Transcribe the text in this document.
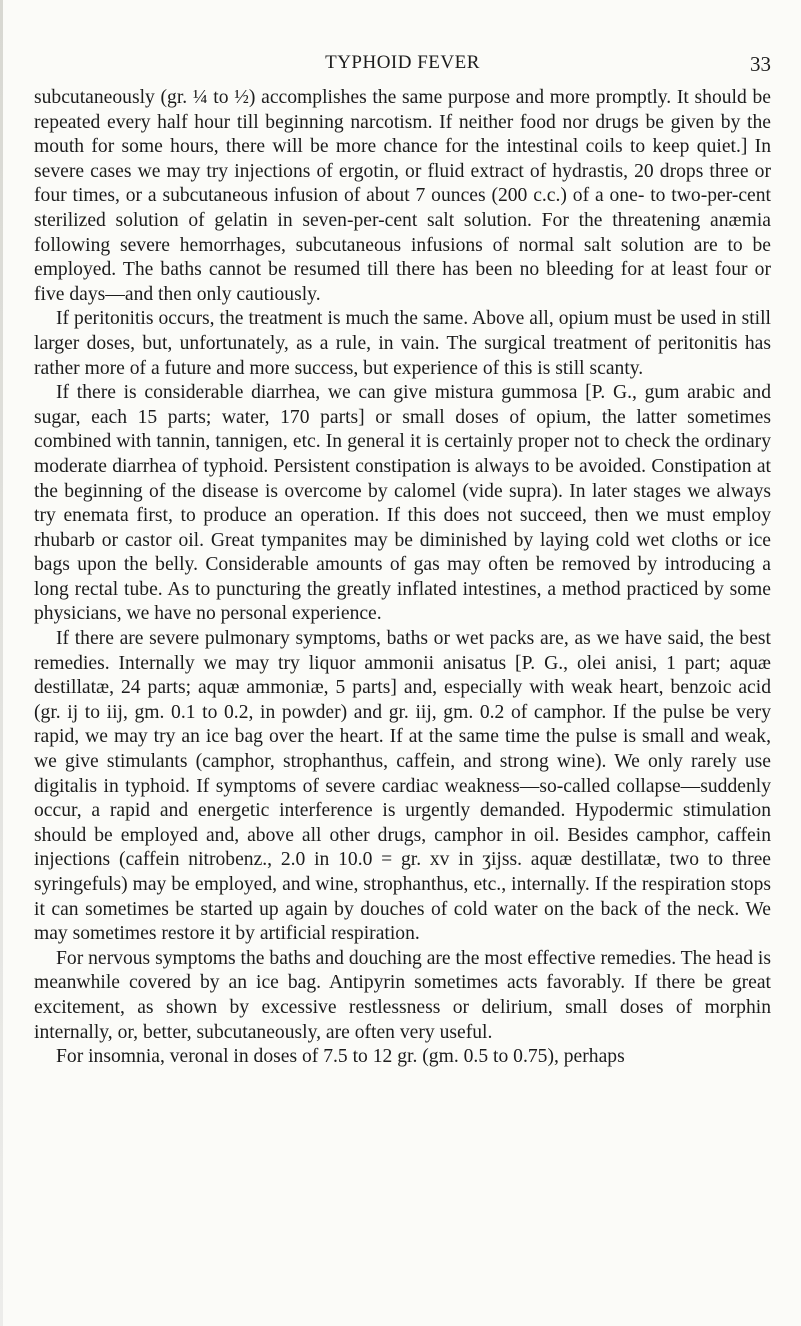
TYPHOID FEVER	33

subcutaneously (gr. ¼ to ½) accomplishes the same purpose and more promptly. It should be repeated every half hour till beginning narcotism. If neither food nor drugs be given by the mouth for some hours, there will be more chance for the intestinal coils to keep quiet.] In severe cases we may try injections of ergotin, or fluid extract of hydrastis, 20 drops three or four times, or a subcutaneous infusion of about 7 ounces (200 c.c.) of a one- to two-per-cent sterilized solution of gelatin in seven-per-cent salt solution. For the threatening anæmia following severe hemorrhages, subcutaneous infusions of normal salt solution are to be employed. The baths cannot be resumed till there has been no bleeding for at least four or five days—and then only cautiously.

If peritonitis occurs, the treatment is much the same. Above all, opium must be used in still larger doses, but, unfortunately, as a rule, in vain. The surgical treatment of peritonitis has rather more of a future and more success, but experience of this is still scanty.

If there is considerable diarrhea, we can give mistura gummosa [P. G., gum arabic and sugar, each 15 parts; water, 170 parts] or small doses of opium, the latter sometimes combined with tannin, tannigen, etc. In general it is certainly proper not to check the ordinary moderate diarrhea of typhoid. Persistent constipation is always to be avoided. Constipation at the beginning of the disease is overcome by calomel (vide supra). In later stages we always try enemata first, to produce an operation. If this does not succeed, then we must employ rhubarb or castor oil. Great tympanites may be diminished by laying cold wet cloths or ice bags upon the belly. Considerable amounts of gas may often be removed by introducing a long rectal tube. As to puncturing the greatly inflated intestines, a method practiced by some physicians, we have no personal experience.

If there are severe pulmonary symptoms, baths or wet packs are, as we have said, the best remedies. Internally we may try liquor ammonii anisatus [P. G., olei anisi, 1 part; aquæ destillatæ, 24 parts; aquæ ammoniæ, 5 parts] and, especially with weak heart, benzoic acid (gr. ij to iij, gm. 0.1 to 0.2, in powder) and gr. iij, gm. 0.2 of camphor. If the pulse be very rapid, we may try an ice bag over the heart. If at the same time the pulse is small and weak, we give stimulants (camphor, strophanthus, caffein, and strong wine). We only rarely use digitalis in typhoid. If symptoms of severe cardiac weakness—so-called collapse—suddenly occur, a rapid and energetic interference is urgently demanded. Hypodermic stimulation should be employed and, above all other drugs, camphor in oil. Besides camphor, caffein injections (caffein nitrobenz., 2.0 in 10.0 = gr. xv in ʒijss. aquæ destillatæ, two to three syringefuls) may be employed, and wine, strophanthus, etc., internally. If the respiration stops it can sometimes be started up again by douches of cold water on the back of the neck. We may sometimes restore it by artificial respiration.

For nervous symptoms the baths and douching are the most effective remedies. The head is meanwhile covered by an ice bag. Antipyrin sometimes acts favorably. If there be great excitement, as shown by excessive restlessness or delirium, small doses of morphin internally, or, better, subcutaneously, are often very useful.

For insomnia, veronal in doses of 7.5 to 12 gr. (gm. 0.5 to 0.75), perhaps
